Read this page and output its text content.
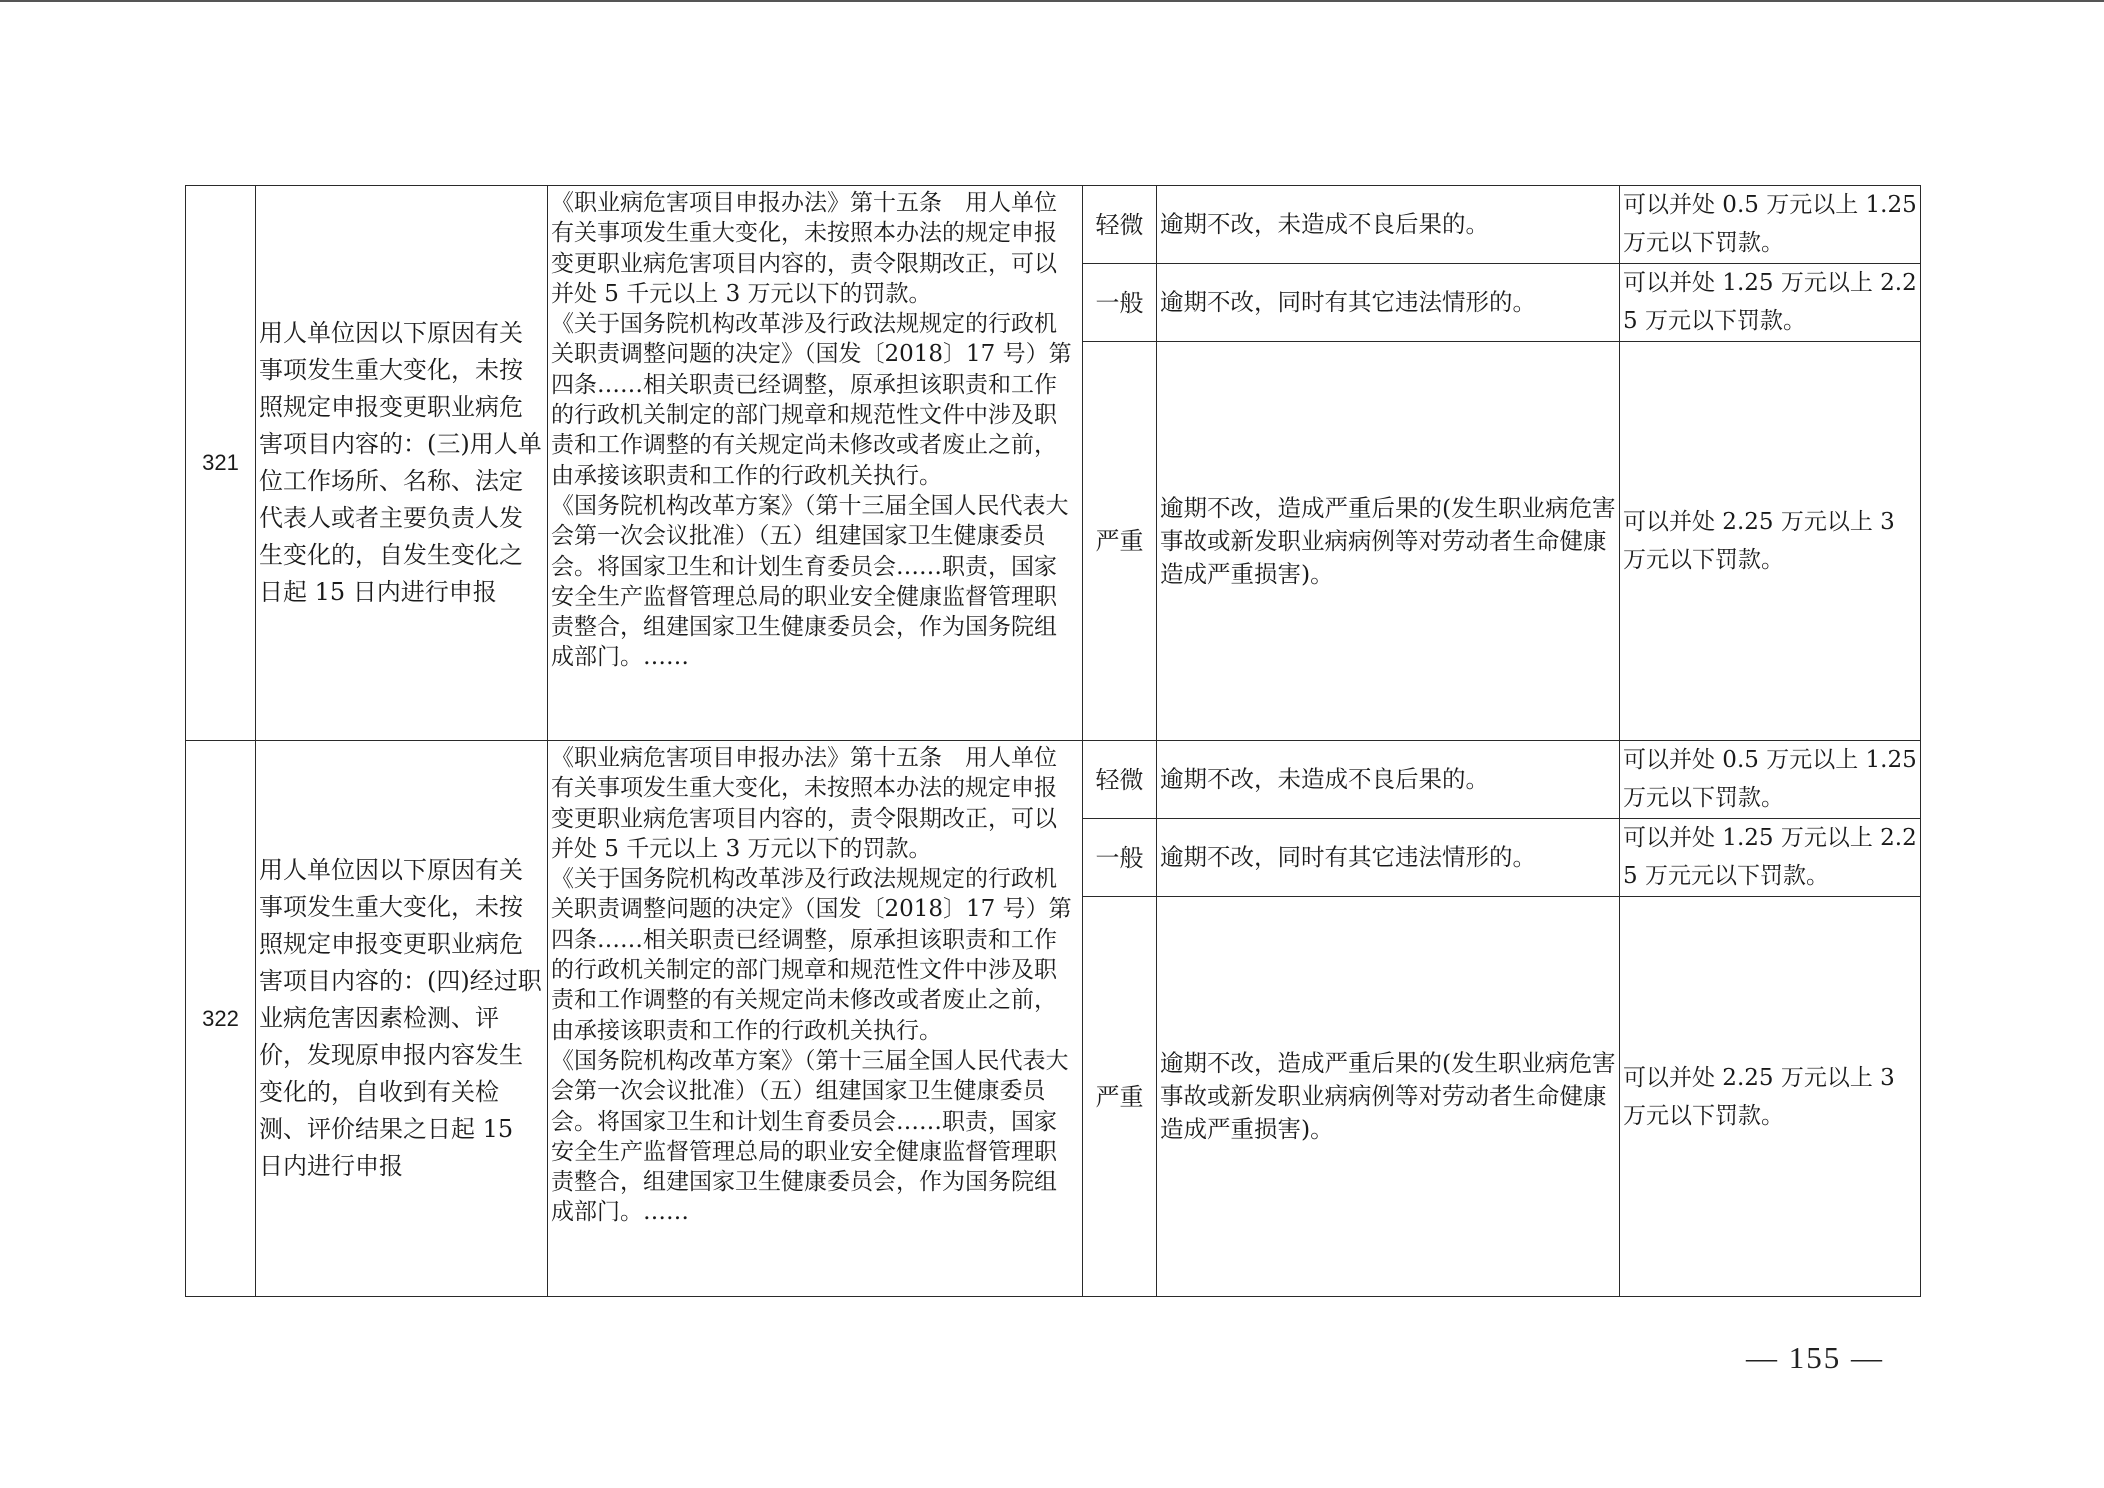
321	用人单位因以下原因有关事项发生重大变化，未按照规定申报变更职业病危害项目内容的：(三)用人单位工作场所、名称、法定代表人或者主要负责人发生变化的，自发生变化之日起 15 日内进行申报	《职业病危害项目申报办法》第十五条　用人单位有关事项发生重大变化，未按照本办法的规定申报变更职业病危害项目内容的，责令限期改正，可以并处 5 千元以上 3 万元以下的罚款。

《关于国务院机构改革涉及行政法规规定的行政机关职责调整问题的决定》（国发〔2018〕17 号）第四条……相关职责已经调整，原承担该职责和工作的行政机关制定的部门规章和规范性文件中涉及职责和工作调整的有关规定尚未修改或者废止之前，由承接该职责和工作的行政机关执行。

《国务院机构改革方案》（第十三届全国人民代表大会第一次会议批准）（五）组建国家卫生健康委员会。将国家卫生和计划生育委员会……职责，国家安全生产监督管理总局的职业安全健康监督管理职责整合，组建国家卫生健康委员会，作为国务院组成部门。……	轻微	逾期不改，未造成不良后果的。	可以并处 0.5 万元以上 1.25 万元以下罚款。
			一般	逾期不改，同时有其它违法情形的。	可以并处 1.25 万元以上 2.25 万元以下罚款。
			严重	逾期不改，造成严重后果的(发生职业病危害事故或新发职业病病例等对劳动者生命健康造成严重损害)。	可以并处 2.25 万元以上 3 万元以下罚款。
322	用人单位因以下原因有关事项发生重大变化，未按照规定申报变更职业病危害项目内容的：(四)经过职业病危害因素检测、评价，发现原申报内容发生变化的，自收到有关检测、评价结果之日起 15 日内进行申报	《职业病危害项目申报办法》第十五条　用人单位有关事项发生重大变化，未按照本办法的规定申报变更职业病危害项目内容的，责令限期改正，可以并处 5 千元以上 3 万元以下的罚款。

《关于国务院机构改革涉及行政法规规定的行政机关职责调整问题的决定》（国发〔2018〕17 号）第四条……相关职责已经调整，原承担该职责和工作的行政机关制定的部门规章和规范性文件中涉及职责和工作调整的有关规定尚未修改或者废止之前，由承接该职责和工作的行政机关执行。

《国务院机构改革方案》（第十三届全国人民代表大会第一次会议批准）（五）组建国家卫生健康委员会。将国家卫生和计划生育委员会……职责，国家安全生产监督管理总局的职业安全健康监督管理职责整合，组建国家卫生健康委员会，作为国务院组成部门。……	轻微	逾期不改，未造成不良后果的。	可以并处 0.5 万元以上 1.25 万元以下罚款。
			一般	逾期不改，同时有其它违法情形的。	可以并处 1.25 万元以上 2.25 万元元以下罚款。
			严重	逾期不改，造成严重后果的(发生职业病危害事故或新发职业病病例等对劳动者生命健康造成严重损害)。	可以并处 2.25 万元以上 3 万元以下罚款。
— 155 —
